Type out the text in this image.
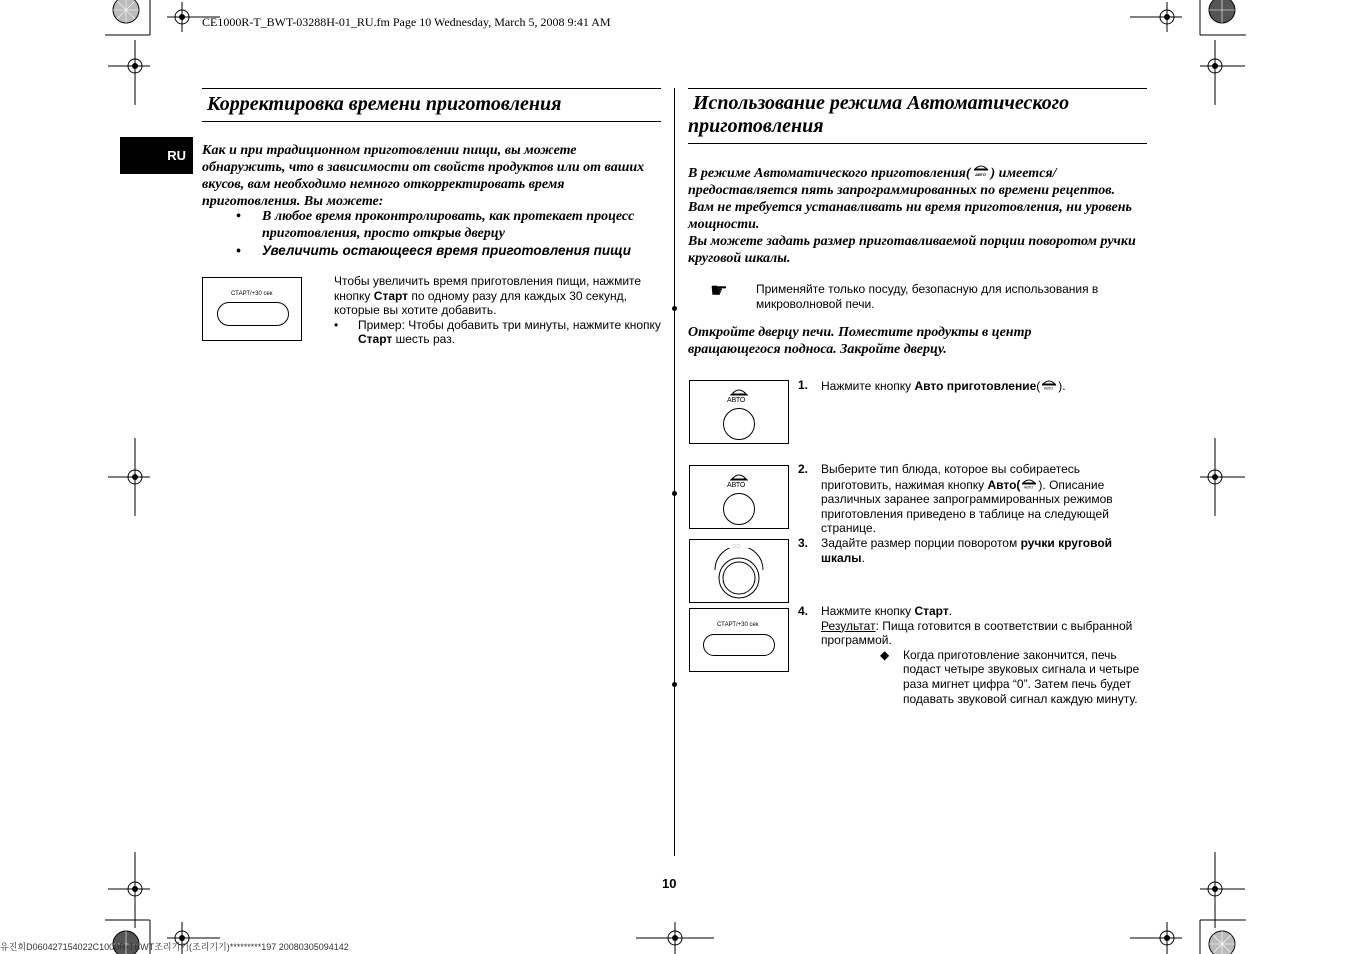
CE1000R-T_BWT-03288H-01_RU.fm Page 10 Wednesday, March 5, 2008 9:41 AM
RU
Корректировка времени приготовления
Как и при традиционном приготовлении пищи, вы можете обнаружить, что в зависимости от свойств продуктов или от ваших вкусов, вам необходимо немного откорректировать время приготовления. Вы можете:
• В любое время проконтролировать, как протекает процесс приготовления, просто открыв дверцу
• Увеличить остающееся время приготовления пищи
СТАРТ/+30 сек
Чтобы увеличить время приготовления пищи, нажмите кнопку Старт по одному разу для каждых 30 секунд, которые вы хотите добавить.
• Пример: Чтобы добавить три минуты, нажмите кнопку Старт шесть раз.
Использование режима Автоматического
приготовления
В режиме Автоматического приготовления( АВТО ) имеется/предоставляется пять запрограммированных по времени рецептов. Вам не требуется устанавливать ни время приготовления, ни уровень мощности.
Вы можете задать размер приготавливаемой порции поворотом ручки круговой шкалы.
☛ Применяйте только посуду, безопасную для использования в микроволновой печи.
Откройте дверцу печи. Поместите продукты в центр вращающегося подноса. Закройте дверцу.
АВТО
АВТО
◌◌
СТАРТ/+30 сек
1.	Нажмите кнопку Авто приготовление( АВТО ).
2.	Выберите тип блюда, которое вы собираетесь приготовить, нажимая кнопку Авто( АВТО ). Описание различных заранее запрограммированных режимов приготовления приведено в таблице на следующей странице.
3.	Задайте размер порции поворотом ручки круговой шкалы.
4.	Нажмите кнопку Старт.
Результат: Пища готовится в соответствии с выбранной программой.
◆ Когда приготовление закончится, печь подаст четыре звуковых сигнала и четыре раза мигнет цифра “0”. Затем печь будет подавать звуковой сигнал каждую минуту.
10
유진희D060427154022C1000R-TBWT조리기기(조리기기)*********197 20080305094142
